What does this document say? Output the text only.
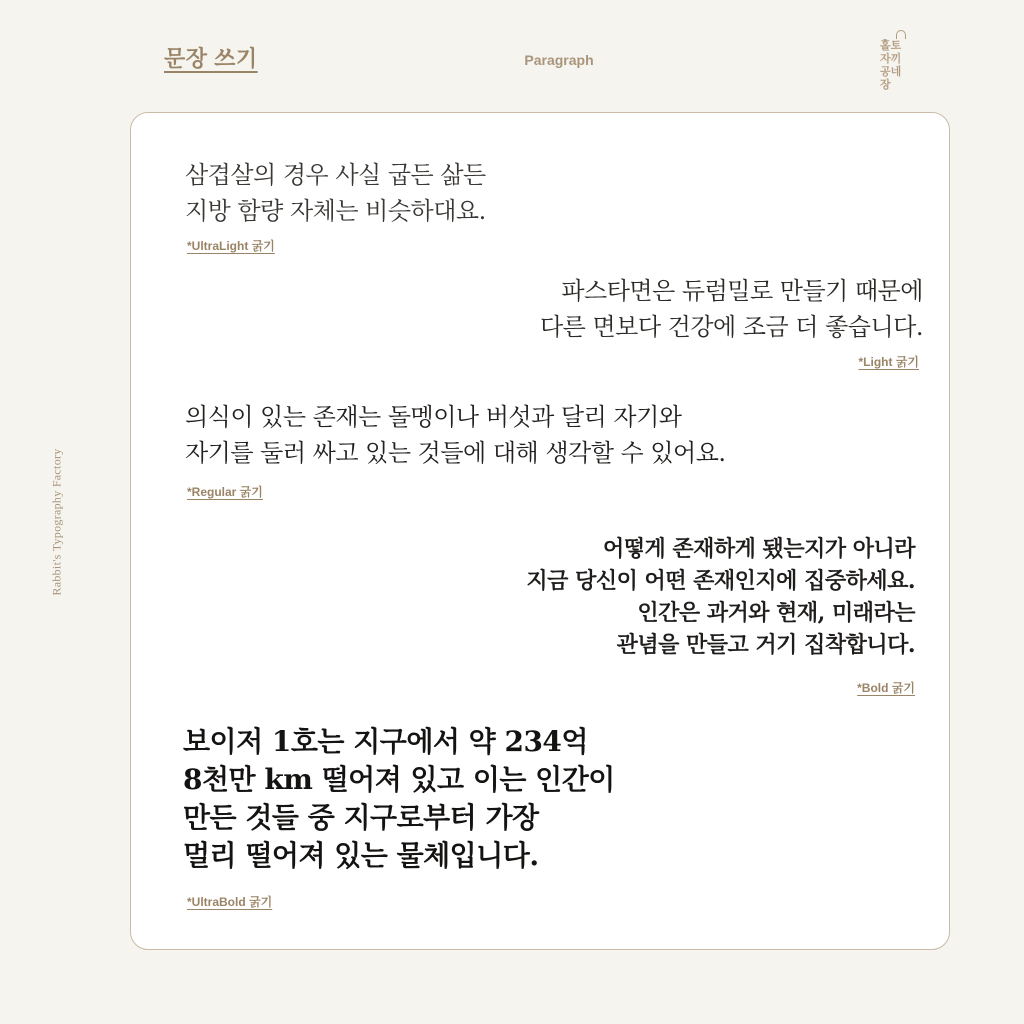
문장 쓰기	Paragraph
홀토
자끼
공네
장
Rabbit's Typography Factory

삼겹살의 경우 사실 굽든 삶든
지방 함량 자체는 비슷하대요.

*UltraLight 굵기

파스타면은 듀럼밀로 만들기 때문에
다른 면보다 건강에 조금 더 좋습니다.

*Light 굵기

의식이 있는 존재는 돌멩이나 버섯과 달리 자기와
자기를 둘러 싸고 있는 것들에 대해 생각할 수 있어요.

*Regular 굵기

어떻게 존재하게 됐는지가 아니라
지금 당신이 어떤 존재인지에 집중하세요.
인간은 과거와 현재, 미래라는
관념을 만들고 거기 집착합니다.

*Bold 굵기

보이저 1호는 지구에서 약 234억
8천만 km 떨어져 있고 이는 인간이
만든 것들 중 지구로부터 가장
멀리 떨어져 있는 물체입니다.

*UltraBold 굵기
